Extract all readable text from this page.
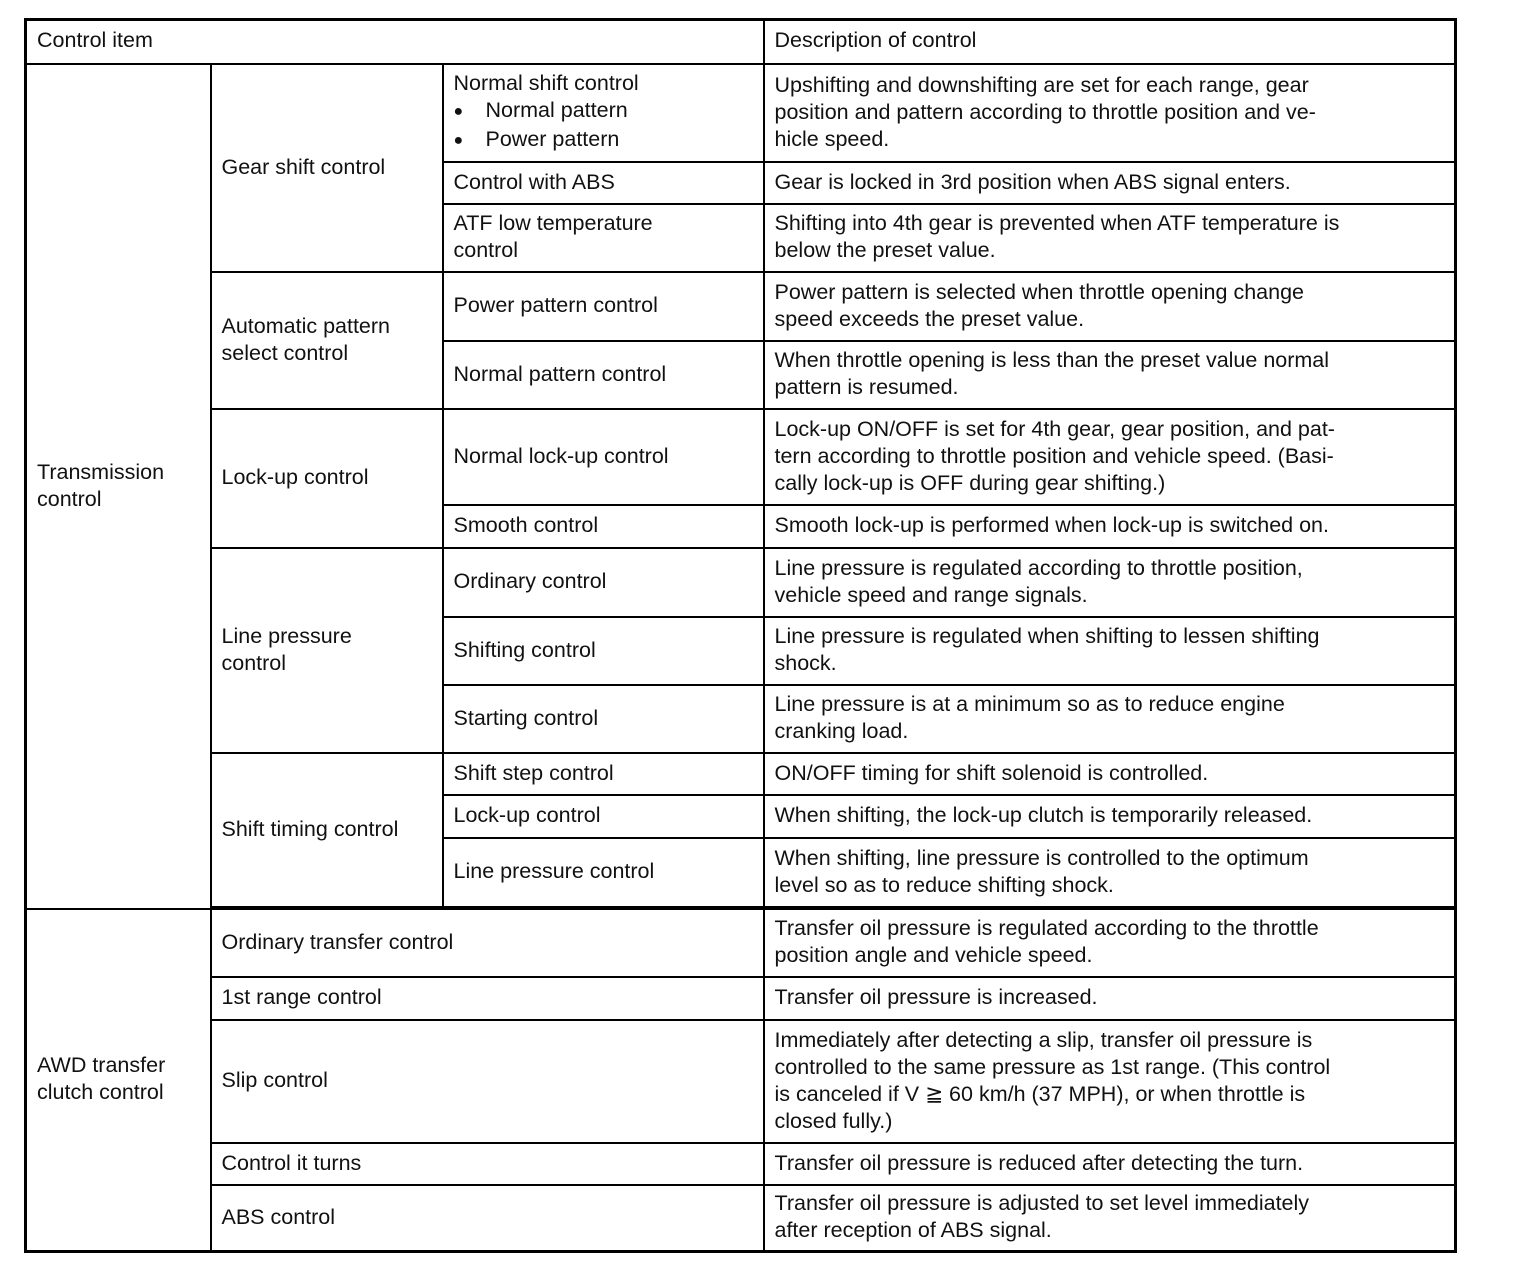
Control item			Description of control

Transmission
control	Gear shift control	Normal shift control
● Normal pattern
● Power pattern	Upshifting and downshifting are set for each range, gear
position and pattern according to throttle position and ve-
hicle speed.

		Control with ABS	Gear is locked in 3rd position when ABS signal enters.

		ATF low temperature
control	Shifting into 4th gear is prevented when ATF temperature is
below the preset value.

	Automatic pattern
select control	Power pattern control	Power pattern is selected when throttle opening change
speed exceeds the preset value.

		Normal pattern control	When throttle opening is less than the preset value normal
pattern is resumed.

	Lock-up control	Normal lock-up control	Lock-up ON/OFF is set for 4th gear, gear position, and pat-
tern according to throttle position and vehicle speed. (Basi-
cally lock-up is OFF during gear shifting.)

		Smooth control	Smooth lock-up is performed when lock-up is switched on.

	Line pressure
control	Ordinary control	Line pressure is regulated according to throttle position,
vehicle speed and range signals.

		Shifting control	Line pressure is regulated when shifting to lessen shifting
shock.

		Starting control	Line pressure is at a minimum so as to reduce engine
cranking load.

	Shift timing control	Shift step control	ON/OFF timing for shift solenoid is controlled.
		Lock-up control	When shifting, the lock-up clutch is temporarily released.
		Line pressure control	When shifting, line pressure is controlled to the optimum
level so as to reduce shifting shock.

AWD transfer
clutch control	Ordinary transfer control		Transfer oil pressure is regulated according to the throttle
position angle and vehicle speed.

	1st range control		Transfer oil pressure is increased.
	Slip control		Immediately after detecting a slip, transfer oil pressure is
controlled to the same pressure as 1st range. (This control
is canceled if V ≧ 60 km/h (37 MPH), or when throttle is
closed fully.)

	Control it turns		Transfer oil pressure is reduced after detecting the turn.
	ABS control		Transfer oil pressure is adjusted to set level immediately
after reception of ABS signal.
